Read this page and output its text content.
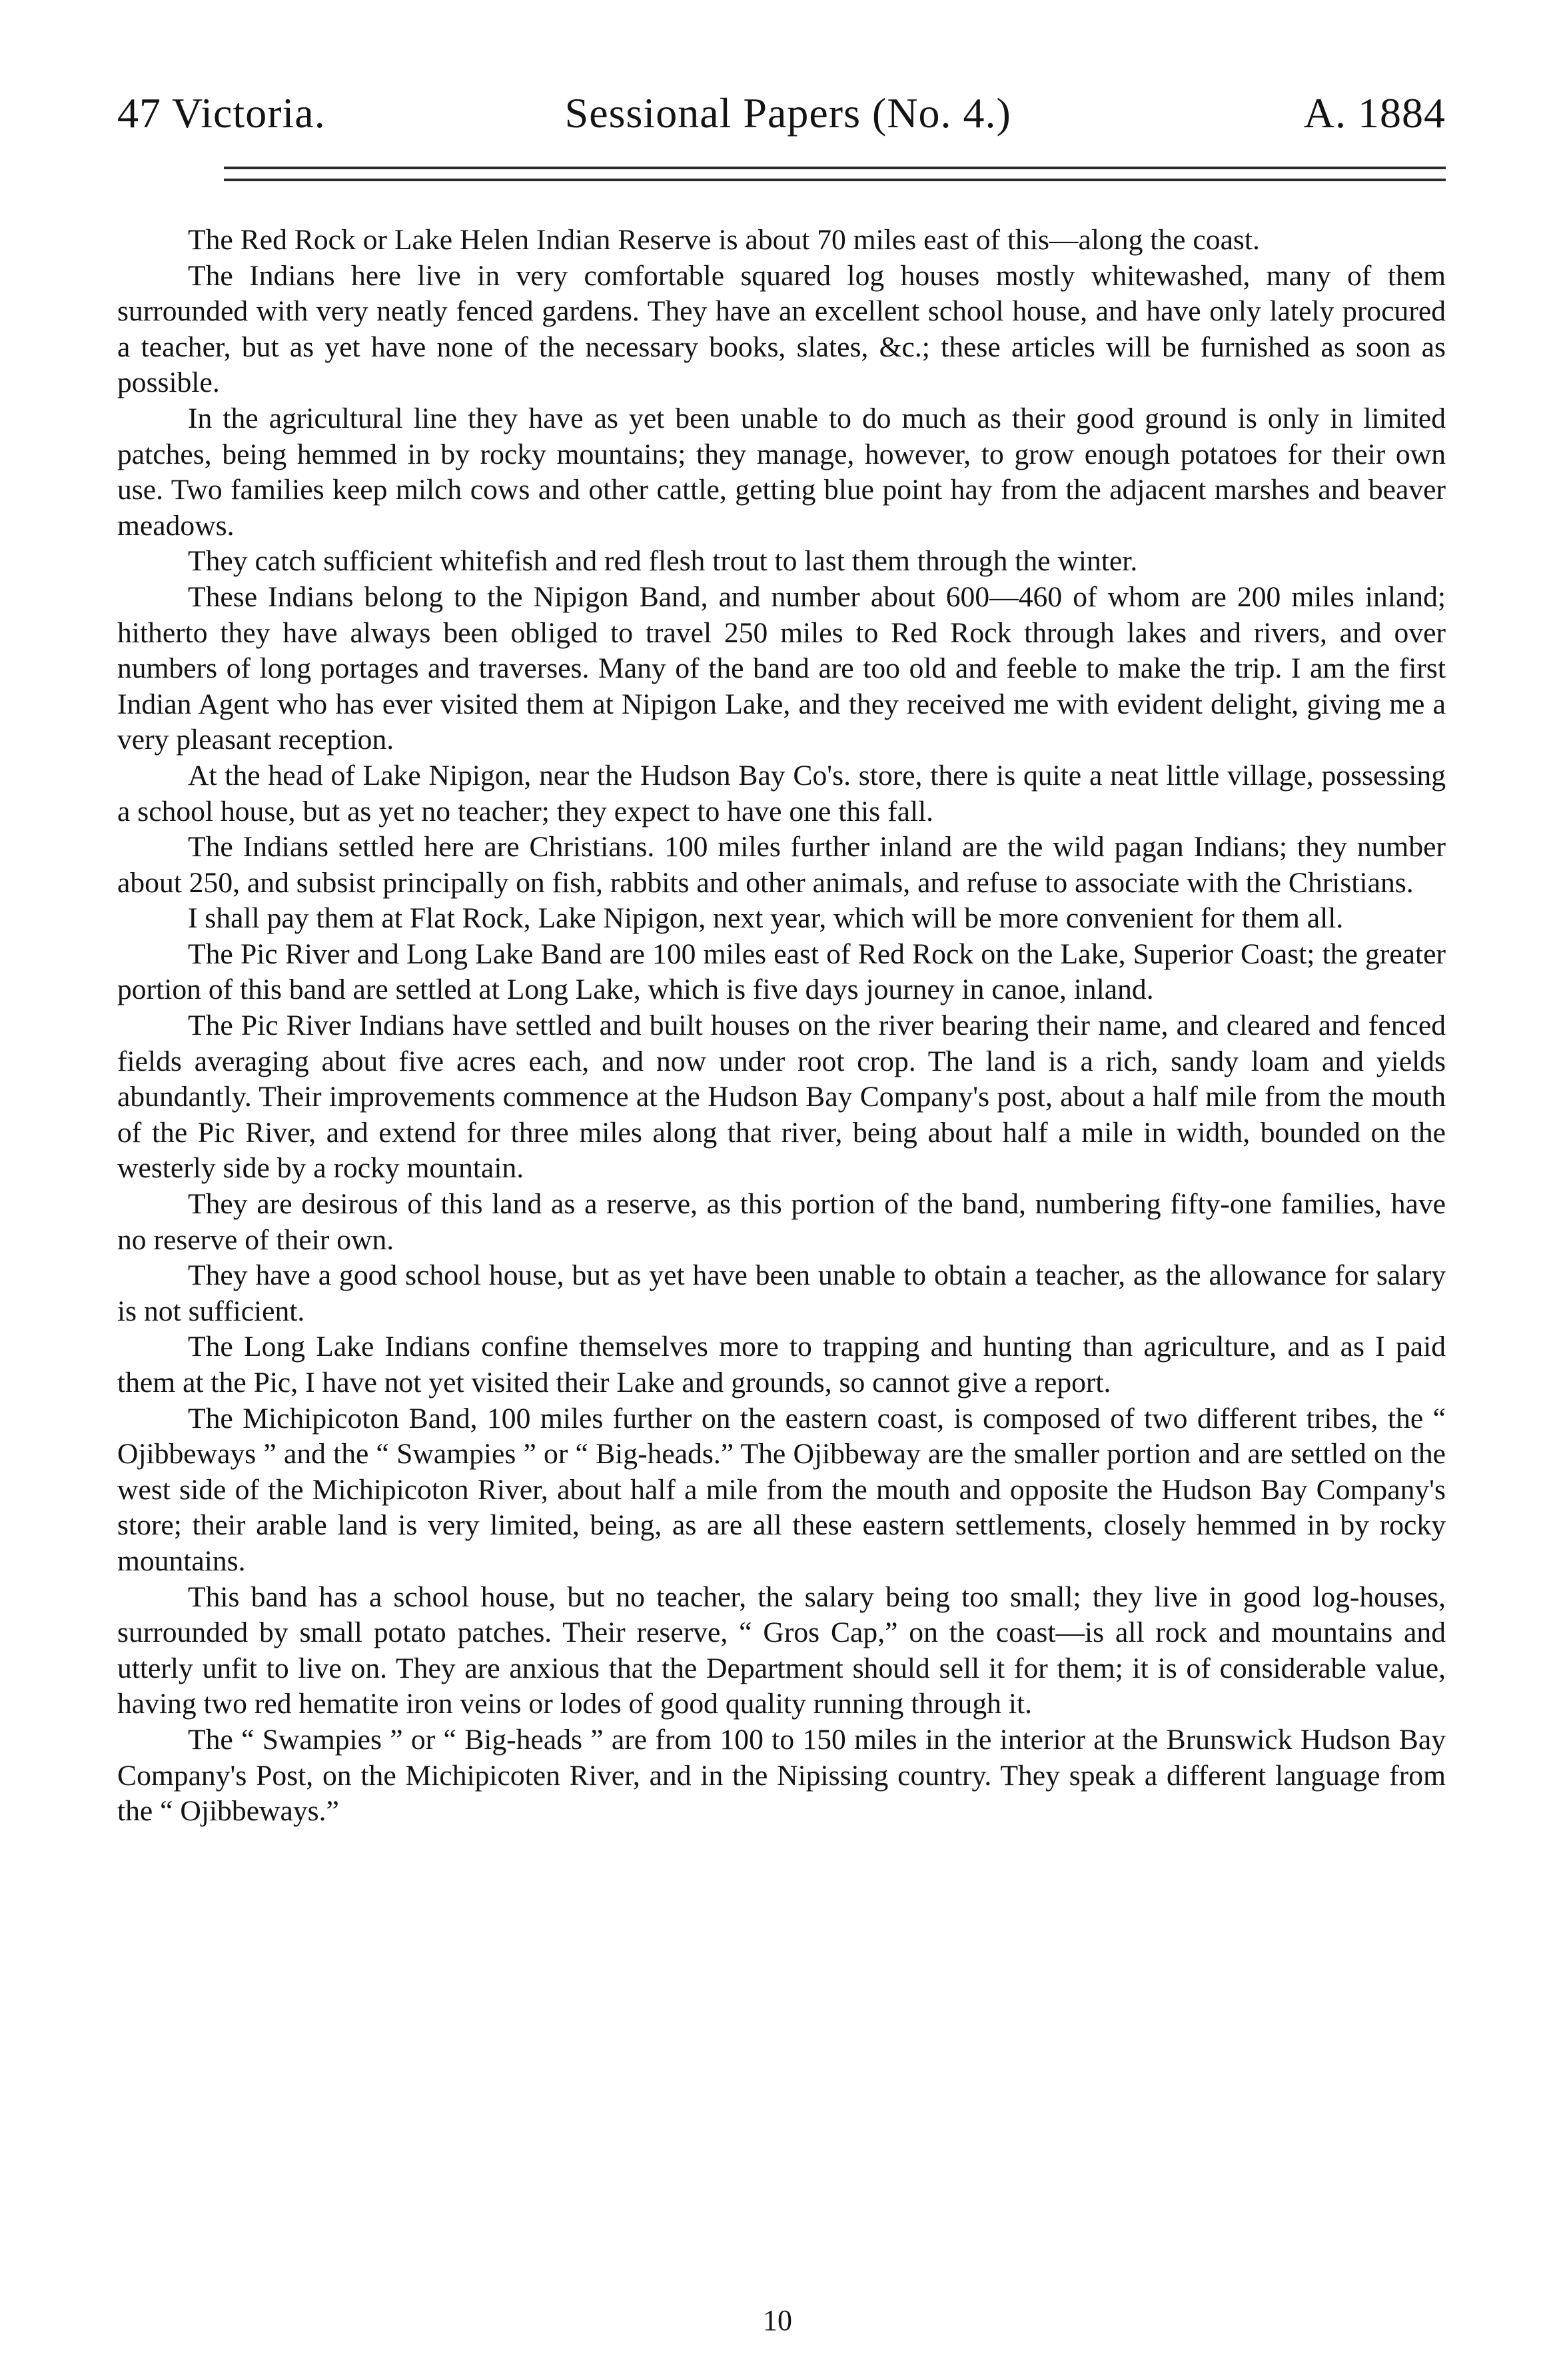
47 Victoria.	Sessional Papers (No. 4.)	A. 1884

The Red Rock or Lake Helen Indian Reserve is about 70 miles east of this—along the coast.

The Indians here live in very comfortable squared log houses mostly whitewashed, many of them surrounded with very neatly fenced gardens. They have an excellent school house, and have only lately procured a teacher, but as yet have none of the necessary books, slates, &c.; these articles will be furnished as soon as possible.

In the agricultural line they have as yet been unable to do much as their good ground is only in limited patches, being hemmed in by rocky mountains; they manage, however, to grow enough potatoes for their own use. Two families keep milch cows and other cattle, getting blue point hay from the adjacent marshes and beaver meadows.

They catch sufficient whitefish and red flesh trout to last them through the winter.

These Indians belong to the Nipigon Band, and number about 600—460 of whom are 200 miles inland; hitherto they have always been obliged to travel 250 miles to Red Rock through lakes and rivers, and over numbers of long portages and traverses. Many of the band are too old and feeble to make the trip. I am the first Indian Agent who has ever visited them at Nipigon Lake, and they received me with evident delight, giving me a very pleasant reception.

At the head of Lake Nipigon, near the Hudson Bay Co's. store, there is quite a neat little village, possessing a school house, but as yet no teacher; they expect to have one this fall.

The Indians settled here are Christians. 100 miles further inland are the wild pagan Indians; they number about 250, and subsist principally on fish, rabbits and other animals, and refuse to associate with the Christians.

I shall pay them at Flat Rock, Lake Nipigon, next year, which will be more convenient for them all.

The Pic River and Long Lake Band are 100 miles east of Red Rock on the Lake, Superior Coast; the greater portion of this band are settled at Long Lake, which is five days journey in canoe, inland.

The Pic River Indians have settled and built houses on the river bearing their name, and cleared and fenced fields averaging about five acres each, and now under root crop. The land is a rich, sandy loam and yields abundantly. Their improvements commence at the Hudson Bay Company's post, about a half mile from the mouth of the Pic River, and extend for three miles along that river, being about half a mile in width, bounded on the westerly side by a rocky mountain.

They are desirous of this land as a reserve, as this portion of the band, numbering fifty-one families, have no reserve of their own.

They have a good school house, but as yet have been unable to obtain a teacher, as the allowance for salary is not sufficient.

The Long Lake Indians confine themselves more to trapping and hunting than agriculture, and as I paid them at the Pic, I have not yet visited their Lake and grounds, so cannot give a report.

The Michipicoton Band, 100 miles further on the eastern coast, is composed of two different tribes, the “ Ojibbeways ” and the “ Swampies ” or “ Big-heads.” The Ojibbeway are the smaller portion and are settled on the west side of the Michipicoton River, about half a mile from the mouth and opposite the Hudson Bay Company's store; their arable land is very limited, being, as are all these eastern settlements, closely hemmed in by rocky mountains.

This band has a school house, but no teacher, the salary being too small; they live in good log-houses, surrounded by small potato patches. Their reserve, “ Gros Cap,” on the coast—is all rock and mountains and utterly unfit to live on. They are anxious that the Department should sell it for them; it is of considerable value, having two red hematite iron veins or lodes of good quality running through it.

The “ Swampies ” or “ Big-heads ” are from 100 to 150 miles in the interior at the Brunswick Hudson Bay Company's Post, on the Michipicoten River, and in the Nipissing country. They speak a different language from the “ Ojibbeways.”

10
